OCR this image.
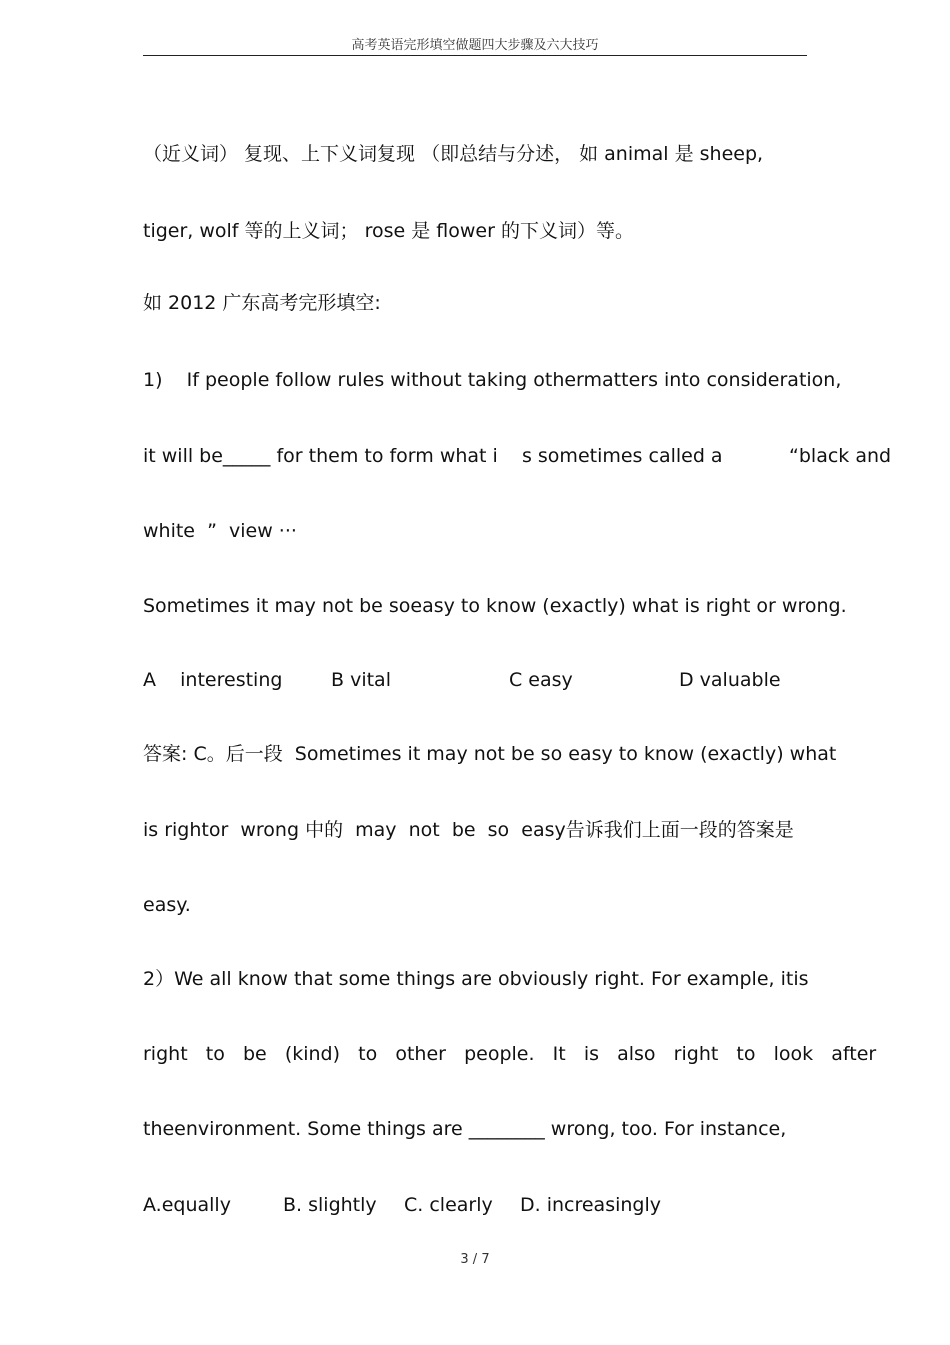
高考英语完形填空做题四大步骤及六大技巧
（近义词） 复现、上下义词复现 （即总结与分述， 如 animal 是 sheep,
tiger, wolf 等的上义词； rose 是 flower 的下义词）等。
如 2012 广东高考完形填空:
1)    If people follow rules without taking othermatters into consideration,
it will be_____ for them to form what i    s sometimes called a           “black and
white  ”  view ···
Sometimes it may not be soeasy to know (exactly) what is right or wrong.
A    interesting	B vital	C easy	D valuable
答案: C。后一段  Sometimes it may not be so easy to know (exactly) what
is rightor  wrong 中的  may  not  be  so  easy告诉我们上面一段的答案是
easy.
2）We all know that some things are obviously right. For example, itis
right   to   be   (kind)   to   other   people.   It   is   also   right   to   look   after
theenvironment. Some things are ________ wrong, too. For instance,
A.equally	B. slightly C. clearly D. increasingly
3 / 7
